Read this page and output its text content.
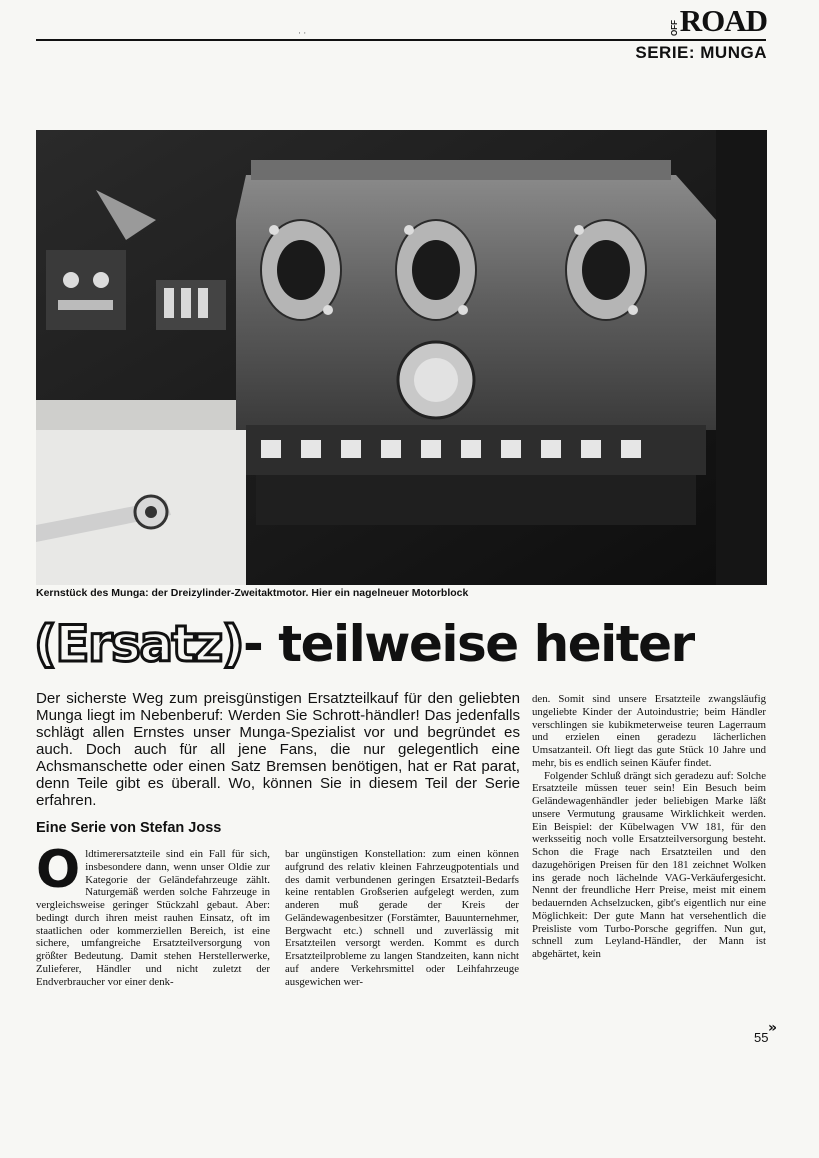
· ·	OFF ROAD
SERIE: MUNGA
Kernstück des Munga: der Dreizylinder-Zweitaktmotor. Hier ein nagelneuer Motorblock
(Ersatz)- teilweise heiter
Der sicherste Weg zum preisgünstigen Ersatzteilkauf für den geliebten Munga liegt im Nebenberuf: Werden Sie Schrott-händler! Das jedenfalls schlägt allen Ernstes unser Munga-Spezialist vor und begründet es auch. Doch auch für all jene Fans, die nur gelegentlich eine Achsmanschette oder einen Satz Bremsen benötigen, hat er Rat parat, denn Teile gibt es überall. Wo, können Sie in diesem Teil der Serie erfahren.
Eine Serie von Stefan Joss
Oldtimerersatzteile sind ein Fall für sich, insbesondere dann, wenn unser Oldie zur Kategorie der Geländefahrzeuge zählt. Naturgemäß werden solche Fahrzeuge in vergleichsweise geringer Stückzahl gebaut. Aber: bedingt durch ihren meist rauhen Einsatz, oft im staatlichen oder kommerziellen Bereich, ist eine sichere, umfangreiche Ersatzteilversorgung von größter Bedeutung. Damit stehen Herstellerwerke, Zulieferer, Händler und nicht zuletzt der Endverbraucher vor einer denk-
bar ungünstigen Konstellation: zum einen können aufgrund des relativ kleinen Fahrzeugpotentials und des damit verbundenen geringen Ersatzteil-Bedarfs keine rentablen Großserien aufgelegt werden, zum anderen muß gerade der Kreis der Geländewagenbesitzer (Forstämter, Bauunternehmer, Bergwacht etc.) schnell und zuverlässig mit Ersatzteilen versorgt werden. Kommt es durch Ersatzteilprobleme zu langen Standzeiten, kann nicht auf andere Verkehrsmittel oder Leihfahrzeuge ausgewichen wer-

den. Somit sind unsere Ersatzteile zwangsläufig ungeliebte Kinder der Autoindustrie; beim Händler verschlingen sie kubikmeterweise teuren Lagerraum und erzielen einen geradezu lächerlichen Umsatzanteil. Oft liegt das gute Stück 10 Jahre und mehr, bis es endlich seinen Käufer findet.

Folgender Schluß drängt sich geradezu auf: Solche Ersatzteile müssen teuer sein! Ein Besuch beim Geländewagenhändler jeder beliebigen Marke läßt unsere Vermutung grausame Wirklichkeit werden. Ein Beispiel: der Kübelwagen VW 181, für den werksseitig noch volle Ersatzteilversorgung besteht. Schon die Frage nach Ersatzteilen und den dazugehörigen Preisen für den 181 zeichnet Wolken ins gerade noch lächelnde VAG-Verkäufergesicht. Nennt der freundliche Herr Preise, meist mit einem bedauernden Achselzucken, gibt's eigentlich nur eine Möglichkeit: Der gute Mann hat versehentlich die Preisliste vom Turbo-Porsche gegriffen. Nun gut, schnell zum Leyland-Händler, der Mann ist abgehärtet, kein

»
55
